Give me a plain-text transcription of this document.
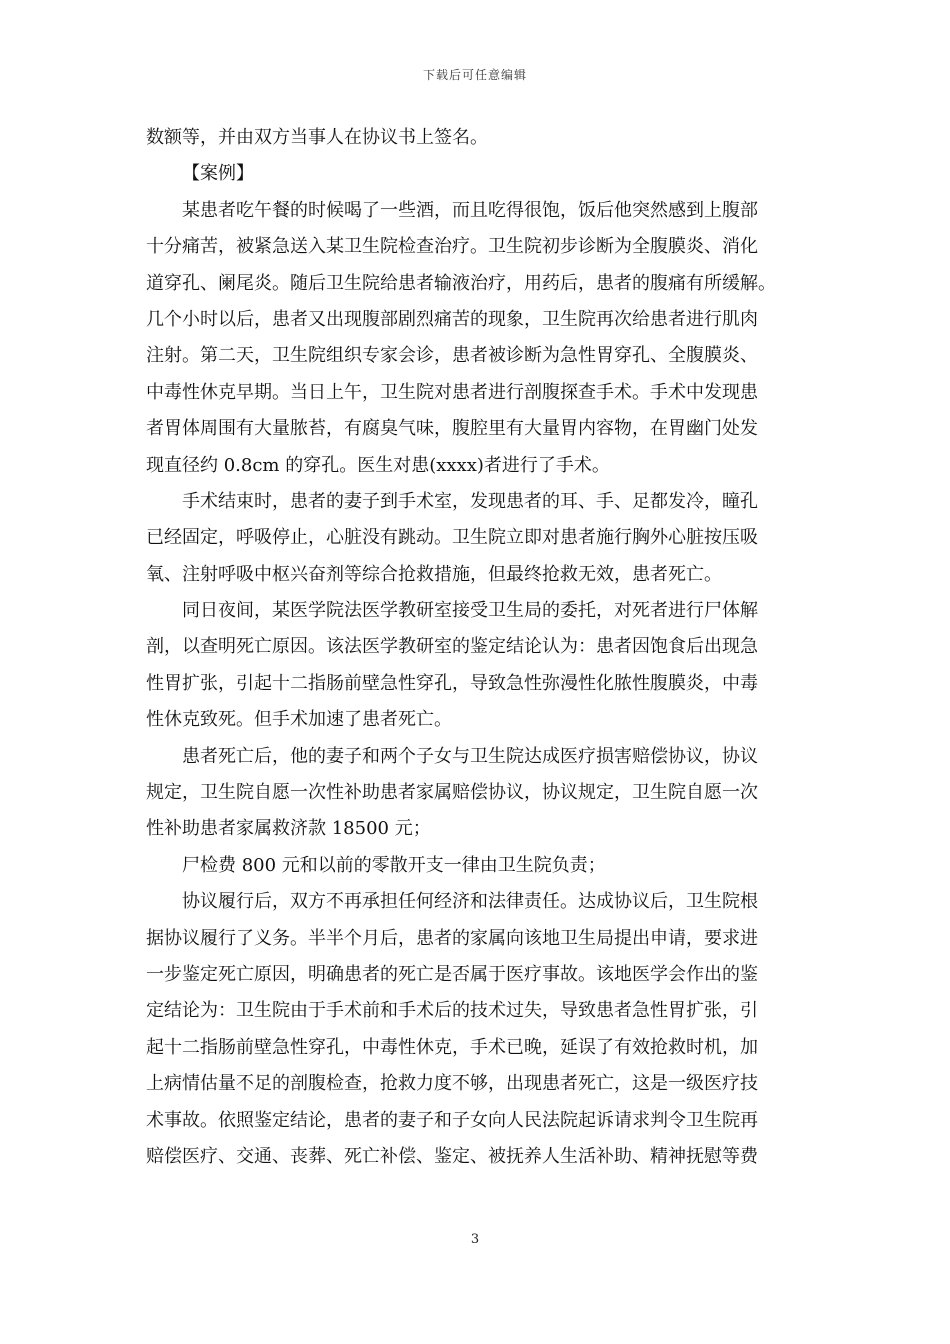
下载后可任意编辑
数额等，并由双方当事人在协议书上签名。
【案例】
某患者吃午餐的时候喝了一些酒，而且吃得很饱，饭后他突然感到上腹部
十分痛苦，被紧急送入某卫生院检查治疗。卫生院初步诊断为全腹膜炎、消化
道穿孔、阑尾炎。随后卫生院给患者输液治疗，用药后，患者的腹痛有所缓解。
几个小时以后，患者又出现腹部剧烈痛苦的现象，卫生院再次给患者进行肌肉
注射。第二天，卫生院组织专家会诊，患者被诊断为急性胃穿孔、全腹膜炎、
中毒性休克早期。当日上午，卫生院对患者进行剖腹探查手术。手术中发现患
者胃体周围有大量脓苔，有腐臭气味，腹腔里有大量胃内容物，在胃幽门处发
现直径约 0.8cm 的穿孔。医生对患(xxxx)者进行了手术。
手术结束时，患者的妻子到手术室，发现患者的耳、手、足都发冷，瞳孔
已经固定，呼吸停止，心脏没有跳动。卫生院立即对患者施行胸外心脏按压吸
氧、注射呼吸中枢兴奋剂等综合抢救措施，但最终抢救无效，患者死亡。
同日夜间，某医学院法医学教研室接受卫生局的委托，对死者进行尸体解
剖，以查明死亡原因。该法医学教研室的鉴定结论认为：患者因饱食后出现急
性胃扩张，引起十二指肠前壁急性穿孔，导致急性弥漫性化脓性腹膜炎，中毒
性休克致死。但手术加速了患者死亡。
患者死亡后，他的妻子和两个子女与卫生院达成医疗损害赔偿协议，协议
规定，卫生院自愿一次性补助患者家属赔偿协议，协议规定，卫生院自愿一次
性补助患者家属救济款 18500 元；
尸检费 800 元和以前的零散开支一律由卫生院负责；
协议履行后，双方不再承担任何经济和法律责任。达成协议后，卫生院根
据协议履行了义务。半半个月后，患者的家属向该地卫生局提出申请，要求进
一步鉴定死亡原因，明确患者的死亡是否属于医疗事故。该地医学会作出的鉴
定结论为：卫生院由于手术前和手术后的技术过失，导致患者急性胃扩张，引
起十二指肠前壁急性穿孔，中毒性休克，手术已晚，延误了有效抢救时机，加
上病情估量不足的剖腹检查，抢救力度不够，出现患者死亡，这是一级医疗技
术事故。依照鉴定结论，患者的妻子和子女向人民法院起诉请求判令卫生院再
赔偿医疗、交通、丧葬、死亡补偿、鉴定、被抚养人生活补助、精神抚慰等费
3
